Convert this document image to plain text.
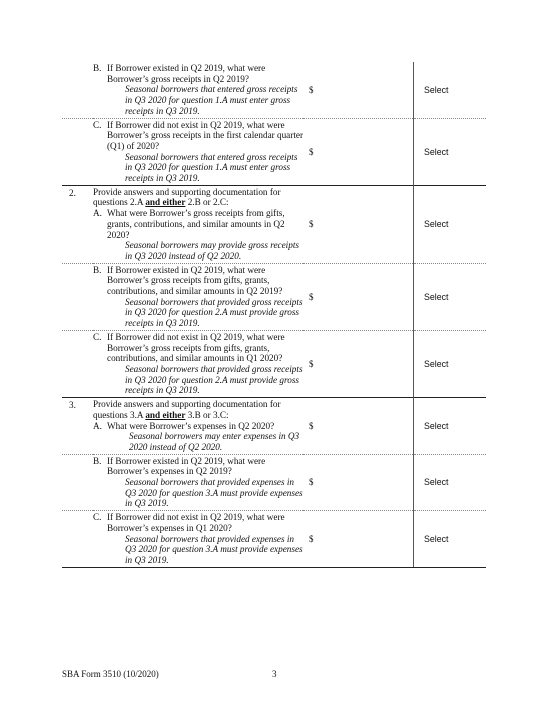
	B. If Borrower existed in Q2 2019, what were Borrower’s gross receipts in Q2 2019?
Seasonal borrowers that entered gross receipts in Q3 2020 for question 1.A must enter gross receipts in Q3 2019.	$	Select

	C. If Borrower did not exist in Q2 2019, what were Borrower’s gross receipts in the first calendar quarter (Q1) of 2020?
Seasonal borrowers that entered gross receipts in Q3 2020 for question 1.A must enter gross receipts in Q3 2019.	$	Select
2.	Provide answers and supporting documentation for questions 2.A and either 2.B or 2.C:
A. What were Borrower’s gross receipts from gifts, grants, contributions, and similar amounts in Q2 2020?
Seasonal borrowers may provide gross receipts in Q3 2020 instead of Q2 2020.	$	Select

	B. If Borrower existed in Q2 2019, what were Borrower’s gross receipts from gifts, grants, contributions, and similar amounts in Q2 2019?
Seasonal borrowers that provided gross receipts in Q3 2020 for question 2.A must provide gross receipts in Q3 2019.	$	Select

	C. If Borrower did not exist in Q2 2019, what were Borrower’s gross receipts from gifts, grants, contributions, and similar amounts in Q1 2020?
Seasonal borrowers that provided gross receipts in Q3 2020 for question 2.A must provide gross receipts in Q3 2019.	$	Select
3.	Provide answers and supporting documentation for questions 3.A and either 3.B or 3.C:
A. What were Borrower’s expenses in Q2 2020?
Seasonal borrowers may enter expenses in Q3 2020 instead of Q2 2020.	$	Select

	B. If Borrower existed in Q2 2019, what were Borrower’s expenses in Q2 2019?
Seasonal borrowers that provided expenses in Q3 2020 for question 3.A must provide expenses in Q3 2019.	$	Select

	C. If Borrower did not exist in Q2 2019, what were Borrower’s expenses in Q1 2020?
Seasonal borrowers that provided expenses in Q3 2020 for question 3.A must provide expenses in Q3 2019.	$	Select
SBA Form 3510 (10/2020)	3
